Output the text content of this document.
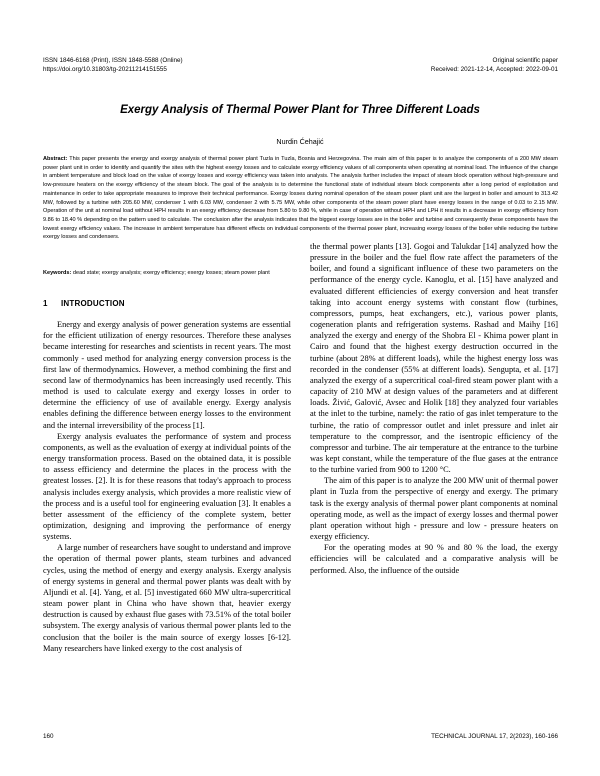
ISSN 1846-6168 (Print), ISSN 1848-5588 (Online)
https://doi.org/10.31803/tg-20211214151555
Original scientific paper
Received: 2021-12-14, Accepted: 2022-09-01
Exergy Analysis of Thermal Power Plant for Three Different Loads
Nurdin Ćehajić

Abstract: This paper presents the energy and exergy analysis of thermal power plant Tuzla in Tuzla, Bosnia and Herzegovina. The main aim of this paper is to analyze the components of a 200 MW steam power plant unit in order to identify and quantify the sites with the highest exergy losses and to calculate exergy efficiency values of all components when operating at nominal load. The influence of the change in ambient temperature and block load on the value of exergy losses and exergy efficiency was taken into analysis. The analysis further includes the impact of steam block operation without high-pressure and low-pressure heaters on the exergy efficiency of the steam block. The goal of the analysis is to determine the functional state of individual steam block components after a long period of exploitation and maintenance in order to take appropriate measures to improve their technical performance. Exergy losses during nominal operation of the steam power plant unit are the largest in boiler and amount to 313.42 MW, followed by a turbine with 205.60 MW, condenser 1 with 6.03 MW, condenser 2 with 5.75 MW, while other components of the steam power plant have exergy losses in the range of 0.03 to 2.15 MW. Operation of the unit at nominal load without HPH results in an exergy efficiency decrease from 5.80 to 9.80 %, while in case of operation without HPH and LPH it results in a decrease in exergy efficiency from 9.86 to 18.40 % depending on the pattern used to calculate. The conclusion after the analysis indicates that the biggest exergy losses are in the boiler and turbine and consequently these components have the lowest exergy efficiency values. The increase in ambient temperature has different effects on individual components of the thermal power plant, increasing exergy losses of the boiler while reducing the turbine exergy losses and condensers.

Keywords: dead state; exergy analysis; exergy efficiency; exergy losses; steam power plant

1 INTRODUCTION

Energy and exergy analysis of power generation systems are essential for the efficient utilization of energy resources. Therefore these analyses became interesting for researches and scientists in recent years. The most commonly - used method for analyzing energy conversion process is the first law of thermodynamics. However, a method combining the first and second law of thermodynamics has been increasingly used recently. This method is used to calculate exergy and exergy losses in order to determine the efficiency of use of available energy. Exergy analysis enables defining the difference between energy losses to the environment and the internal irreversibility of the process [1].

Exergy analysis evaluates the performance of system and process components, as well as the evaluation of exergy at individual points of the energy transformation process. Based on the obtained data, it is possible to assess efficiency and determine the places in the process with the greatest losses. [2]. It is for these reasons that today's approach to process analysis includes exergy analysis, which provides a more realistic view of the process and is a useful tool for engineering evaluation [3]. It enables a better assessment of the efficiency of the complete system, better optimization, designing and improving the performance of energy systems.

A large number of researchers have sought to understand and improve the operation of thermal power plants, steam turbines and advanced cycles, using the method of energy and exergy analysis. Exergy analysis of energy systems in general and thermal power plants was dealt with by Aljundi et al. [4]. Yang, et al. [5] investigated 660 MW ultra-supercritical steam power plant in China who have shown that, heavier exergy destruction is caused by exhaust flue gases with 73.51% of the total boiler subsystem. The exergy analysis of various thermal power plants led to the conclusion that the boiler is the main source of exergy losses [6-12]. Many researchers have linked exergy to the cost analysis of

the thermal power plants [13]. Gogoi and Talukdar [14] analyzed how the pressure in the boiler and the fuel flow rate affect the parameters of the boiler, and found a significant influence of these two parameters on the performance of the energy cycle. Kanoglu, et al. [15] have analyzed and evaluated different efficiencies of exergy conversion and heat transfer taking into account energy systems with constant flow (turbines, compressors, pumps, heat exchangers, etc.), various power plants, cogeneration plants and refrigeration systems. Rashad and Maihy [16] analyzed the exergy and energy of the Shobra El - Khima power plant in Cairo and found that the highest exergy destruction occurred in the turbine (about 28% at different loads), while the highest energy loss was recorded in the condenser (55% at different loads). Sengupta, et al. [17] analyzed the exergy of a supercritical coal-fired steam power plant with a capacity of 210 MW at design values of the parameters and at different loads. Živić, Galović, Avsec and Holik [18] they analyzed four variables at the inlet to the turbine, namely: the ratio of gas inlet temperature to the turbine, the ratio of compressor outlet and inlet pressure and inlet air temperature to the compressor, and the isentropic efficiency of the compressor and turbine. The air temperature at the entrance to the turbine was kept constant, while the temperature of the flue gases at the entrance to the turbine varied from 900 to 1200 °C.

The aim of this paper is to analyze the 200 MW unit of thermal power plant in Tuzla from the perspective of energy and exergy. The primary task is the exergy analysis of thermal power plant components at nominal operating mode, as well as the impact of exergy losses and thermal power plant operation without high - pressure and low - pressure heaters on exergy efficiency.

For the operating modes at 90 % and 80 % the load, the exergy efficiencies will be calculated and a comparative analysis will be performed. Also, the influence of the outside

160	TECHNICAL JOURNAL 17, 2(2023), 160-166
